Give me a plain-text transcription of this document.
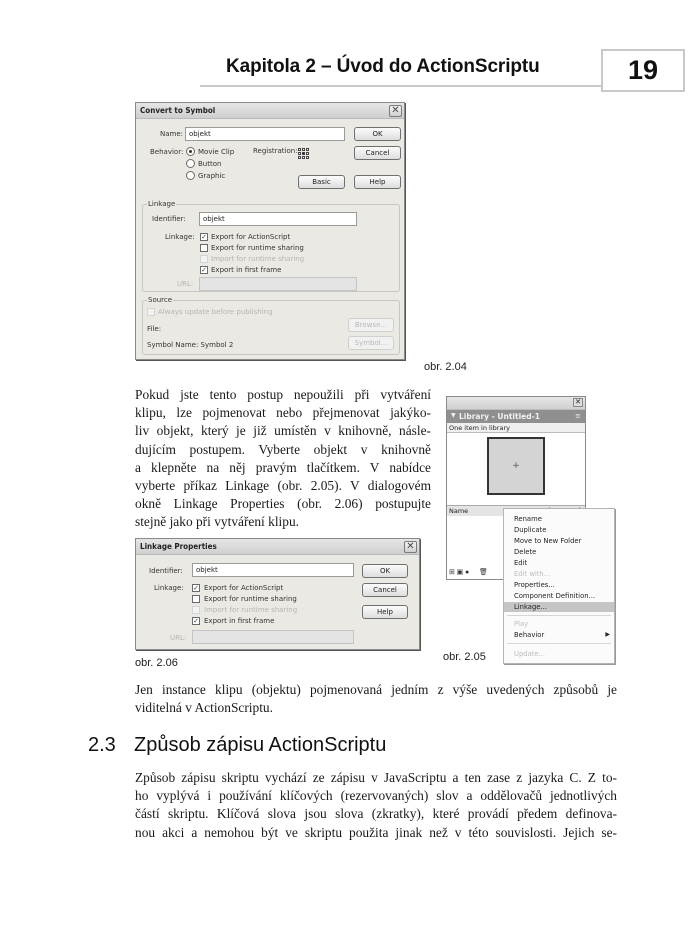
Kapitola 2 – Úvod do ActionScriptu	19
Convert to Symbol	✕
Name: objekt
Behavior: Movie Clip
Button
Graphic
Registration:
OK
Cancel
Basic	Help
Linkage
Identifier:	objekt
Linkage: ✓ Export for ActionScript
Export for runtime sharing
Import for runtime sharing
✓ Export in first frame
URL:
Source
Always update before publishing
File:
Symbol Name: Symbol 2
Browse...
Symbol...
obr. 2.04
Pokud jste tento postup nepoužili při vytváření
klipu, lze pojmenovat nebo přejmenovat jakýko-
liv objekt, který je již umístěn v knihovně, násle-
dujícím postupem. Vyberte objekt v knihovně
a klepněte na něj pravým tlačítkem. V nabídce
vyberte příkaz Linkage (obr. 2.05). V dialogovém
okně Linkage Properties (obr. 2.06) postupujte
stejně jako při vytváření klipu.
✕
▼ Library - Untitled-1	≡
One item in library
+
Name
⊞ ▣ ● 🗑
Rename
Duplicate
Move to New Folder
Delete
Edit
Edit with...
Properties...
Component Definition...
Linkage...
Play
Behavior	▶
Update...
obr. 2.05
Linkage Properties	✕
Identifier:	objekt
Linkage: ✓ Export for ActionScript
Export for runtime sharing
Import for runtime sharing
✓ Export in first frame
URL:
OK
Cancel
Help
obr. 2.06
Jen instance klipu (objektu) pojmenovaná jedním z výše uvedených způsobů je
viditelná v ActionScriptu.
2.3 Způsob zápisu ActionScriptu
Způsob zápisu skriptu vychází ze zápisu v JavaScriptu a ten zase z jazyka C. Z to-
ho vyplývá i používání klíčových (rezervovaných) slov a oddělovačů jednotlivých
částí skriptu. Klíčová slova jsou slova (zkratky), které provádí předem definova-
nou akci a nemohou být ve skriptu použita jinak než v této souvislosti. Jejich se-
